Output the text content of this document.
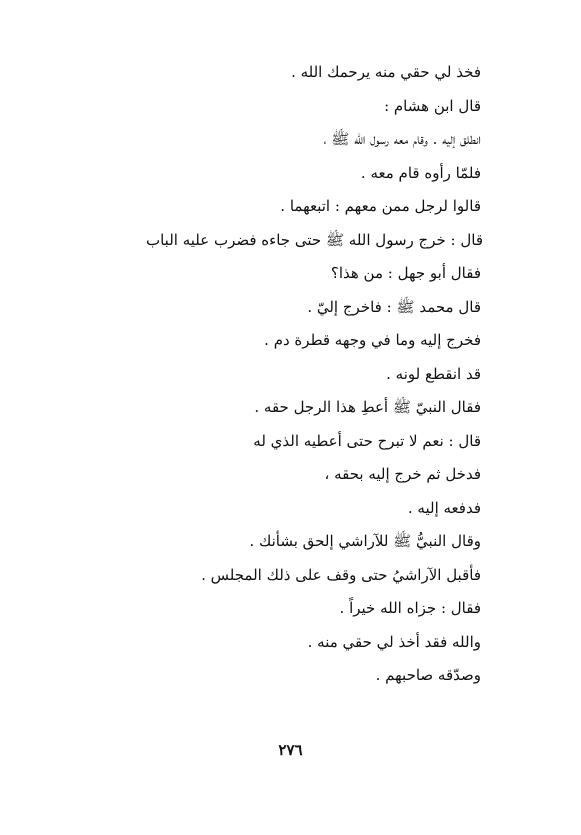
فخذ لي حقي منه يرحمك الله .
قال ابن هشام :
انطلق إليه . وقام معه رسول الله ﷺ ،
فلمّا رأوه قام معه .
قالوا لرجل ممن معهم : اتبعهما .
قال : خرج رسول الله ﷺ حتى جاءه فضرب عليه الباب
فقال أبو جهل : من هذا؟
قال محمد ﷺ : فاخرج إليّ .
فخرج إليه وما في وجهه قطرة دم .
قد انقطع لونه .
فقال النبيّ ﷺ أعطِ هذا الرجل حقه .
قال : نعم لا تبرح حتى أعطيه الذي له
فدخل ثم خرج إليه بحقه ،
فدفعه إليه .
وقال النبيُّ ﷺ للآراشي إلحق بشأنك .
فأقبل الآراشيُ حتى وقف على ذلك المجلس .
فقال : جزاه الله خيراً .
والله فقد أخذ لي حقي منه .
وصدّقه صاحبهم .
٢٧٦
